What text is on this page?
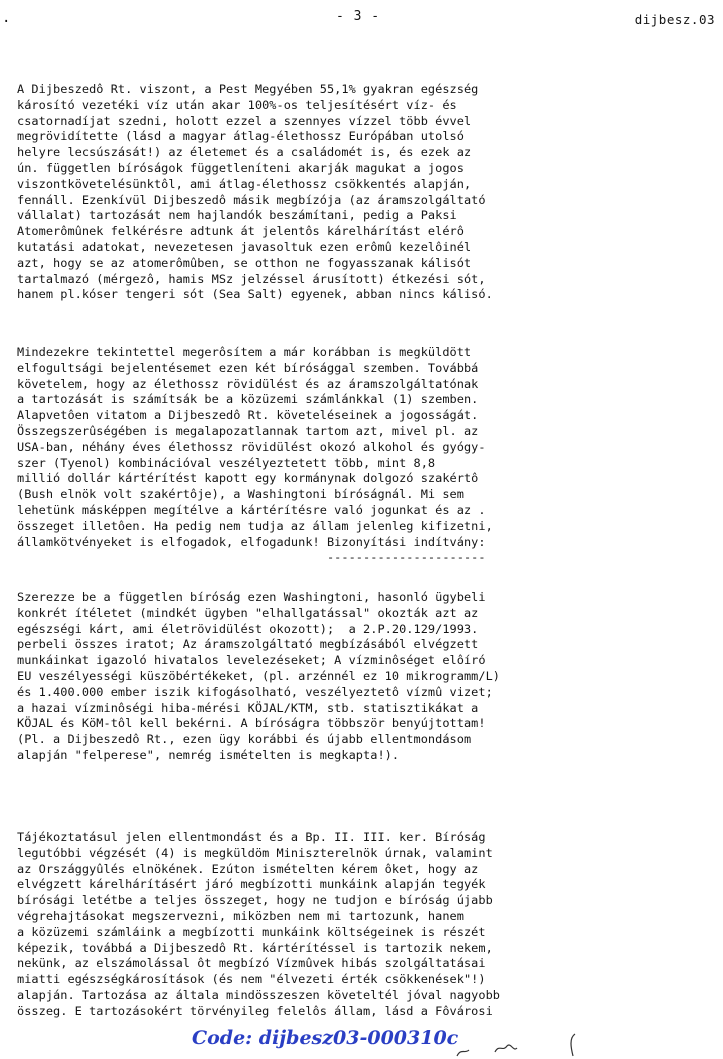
.	- 3 -	dijbesz.03
A Dijbeszedô Rt. viszont, a Pest Megyében 55,1% gyakran egészség
károsító vezetéki víz után akar 100%-os teljesítésért víz- és
csatornadíjat szedni, holott ezzel a szennyes vízzel több évvel
megrövidítette (lásd a magyar átlag-élethossz Európában utolsó
helyre lecsúszását!) az életemet és a családomét is, és ezek az
ún. független bíróságok függetleníteni akarják magukat a jogos
viszontkövetelésünktôl, ami átlag-élethossz csökkentés alapján,
fennáll. Ezenkívül Dijbeszedô másik megbízója (az áramszolgáltató
vállalat) tartozását nem hajlandók beszámítani, pedig a Paksi
Atomerômûnek felkérésre adtunk át jelentôs kárelhárítást elérô
kutatási adatokat, nevezetesen javasoltuk ezen erômû kezelôinél
azt, hogy se az atomerômûben, se otthon ne fogyasszanak kálisót
tartalmazó (mérgezô, hamis MSz jelzéssel árusított) étkezési sót,
hanem pl.kóser tengeri sót (Sea Salt) egyenek, abban nincs kálisó.
Mindezekre tekintettel megerôsítem a már korábban is megküldött
elfogultsági bejelentésemet ezen két bírósággal szemben. Továbbá
követelem, hogy az élethossz rövidülést és az áramszolgáltatónak
a tartozását is számítsák be a közüzemi számlánkkal (1) szemben.
Alapvetôen vitatom a Dijbeszedô Rt. követeléseinek a jogosságát.
Összegszerûségében is megalapozatlannak tartom azt, mivel pl. az
USA-ban, néhány éves élethossz rövidülést okozó alkohol és gyógy-
szer (Tyenol) kombinációval veszélyeztetett több, mint 8,8
millió dollár kártérítést kapott egy kormánynak dolgozó szakértô
(Bush elnök volt szakértôje), a Washingtoni bíróságnál. Mi sem
lehetünk másképpen megítélve a kártérítésre való jogunkat és az .
összeget illetôen. Ha pedig nem tudja az állam jelenleg kifizetni,
államkötvényeket is elfogadok, elfogadunk! Bizonyítási indítvány:
----------------------
Szerezze be a független bíróság ezen Washingtoni, hasonló ügybeli
konkrét ítéletet (mindkét ügyben "elhallgatással" okozták azt az
egészségi kárt, ami életrövidülést okozott);  a 2.P.20.129/1993.
perbeli összes iratot; Az áramszolgáltató megbízásából elvégzett
munkáinkat igazoló hivatalos levelezéseket; A vízminôséget elôíró
EU veszélyességi küszöbértékeket, (pl. arzénnél ez 10 mikrogramm/L)
és 1.400.000 ember iszik kifogásolható, veszélyeztetô vízmû vizet;
a hazai vízminôségi hiba-mérési KÖJAL/KTM, stb. statisztikákat a
KÖJAL és KöM-tôl kell bekérni. A bíróságra többször benyújtottam!
(Pl. a Dijbeszedô Rt., ezen ügy korábbi és újabb ellentmondásom
alapján "felperese", nemrég ismételten is megkapta!).
Tájékoztatásul jelen ellentmondást és a Bp. II. III. ker. Bíróság
legutóbbi végzését (4) is megküldöm Miniszterelnök úrnak, valamint
az Országgyûlés elnökének. Ezúton ismételten kérem ôket, hogy az
elvégzett kárelhárításért járó megbízotti munkáink alapján tegyék
bírósági letétbe a teljes összeget, hogy ne tudjon e bíróság újabb
végrehajtásokat megszervezni, miközben nem mi tartozunk, hanem
a közüzemi számláink a megbízotti munkáink költségeinek is részét
képezik, továbbá a Dijbeszedô Rt. kártérítéssel is tartozik nekem,
nekünk, az elszámolással ôt megbízó Vízmûvek hibás szolgáltatásai
miatti egészségkárosítások (és nem "élvezeti érték csökkenések"!)
alapján. Tartozása az általa mindösszeszen követeltél jóval nagyobb
összeg. E tartozásokért törvényileg felelôs állam, lásd a Fôvárosi
Code: dijbesz03-000310c
